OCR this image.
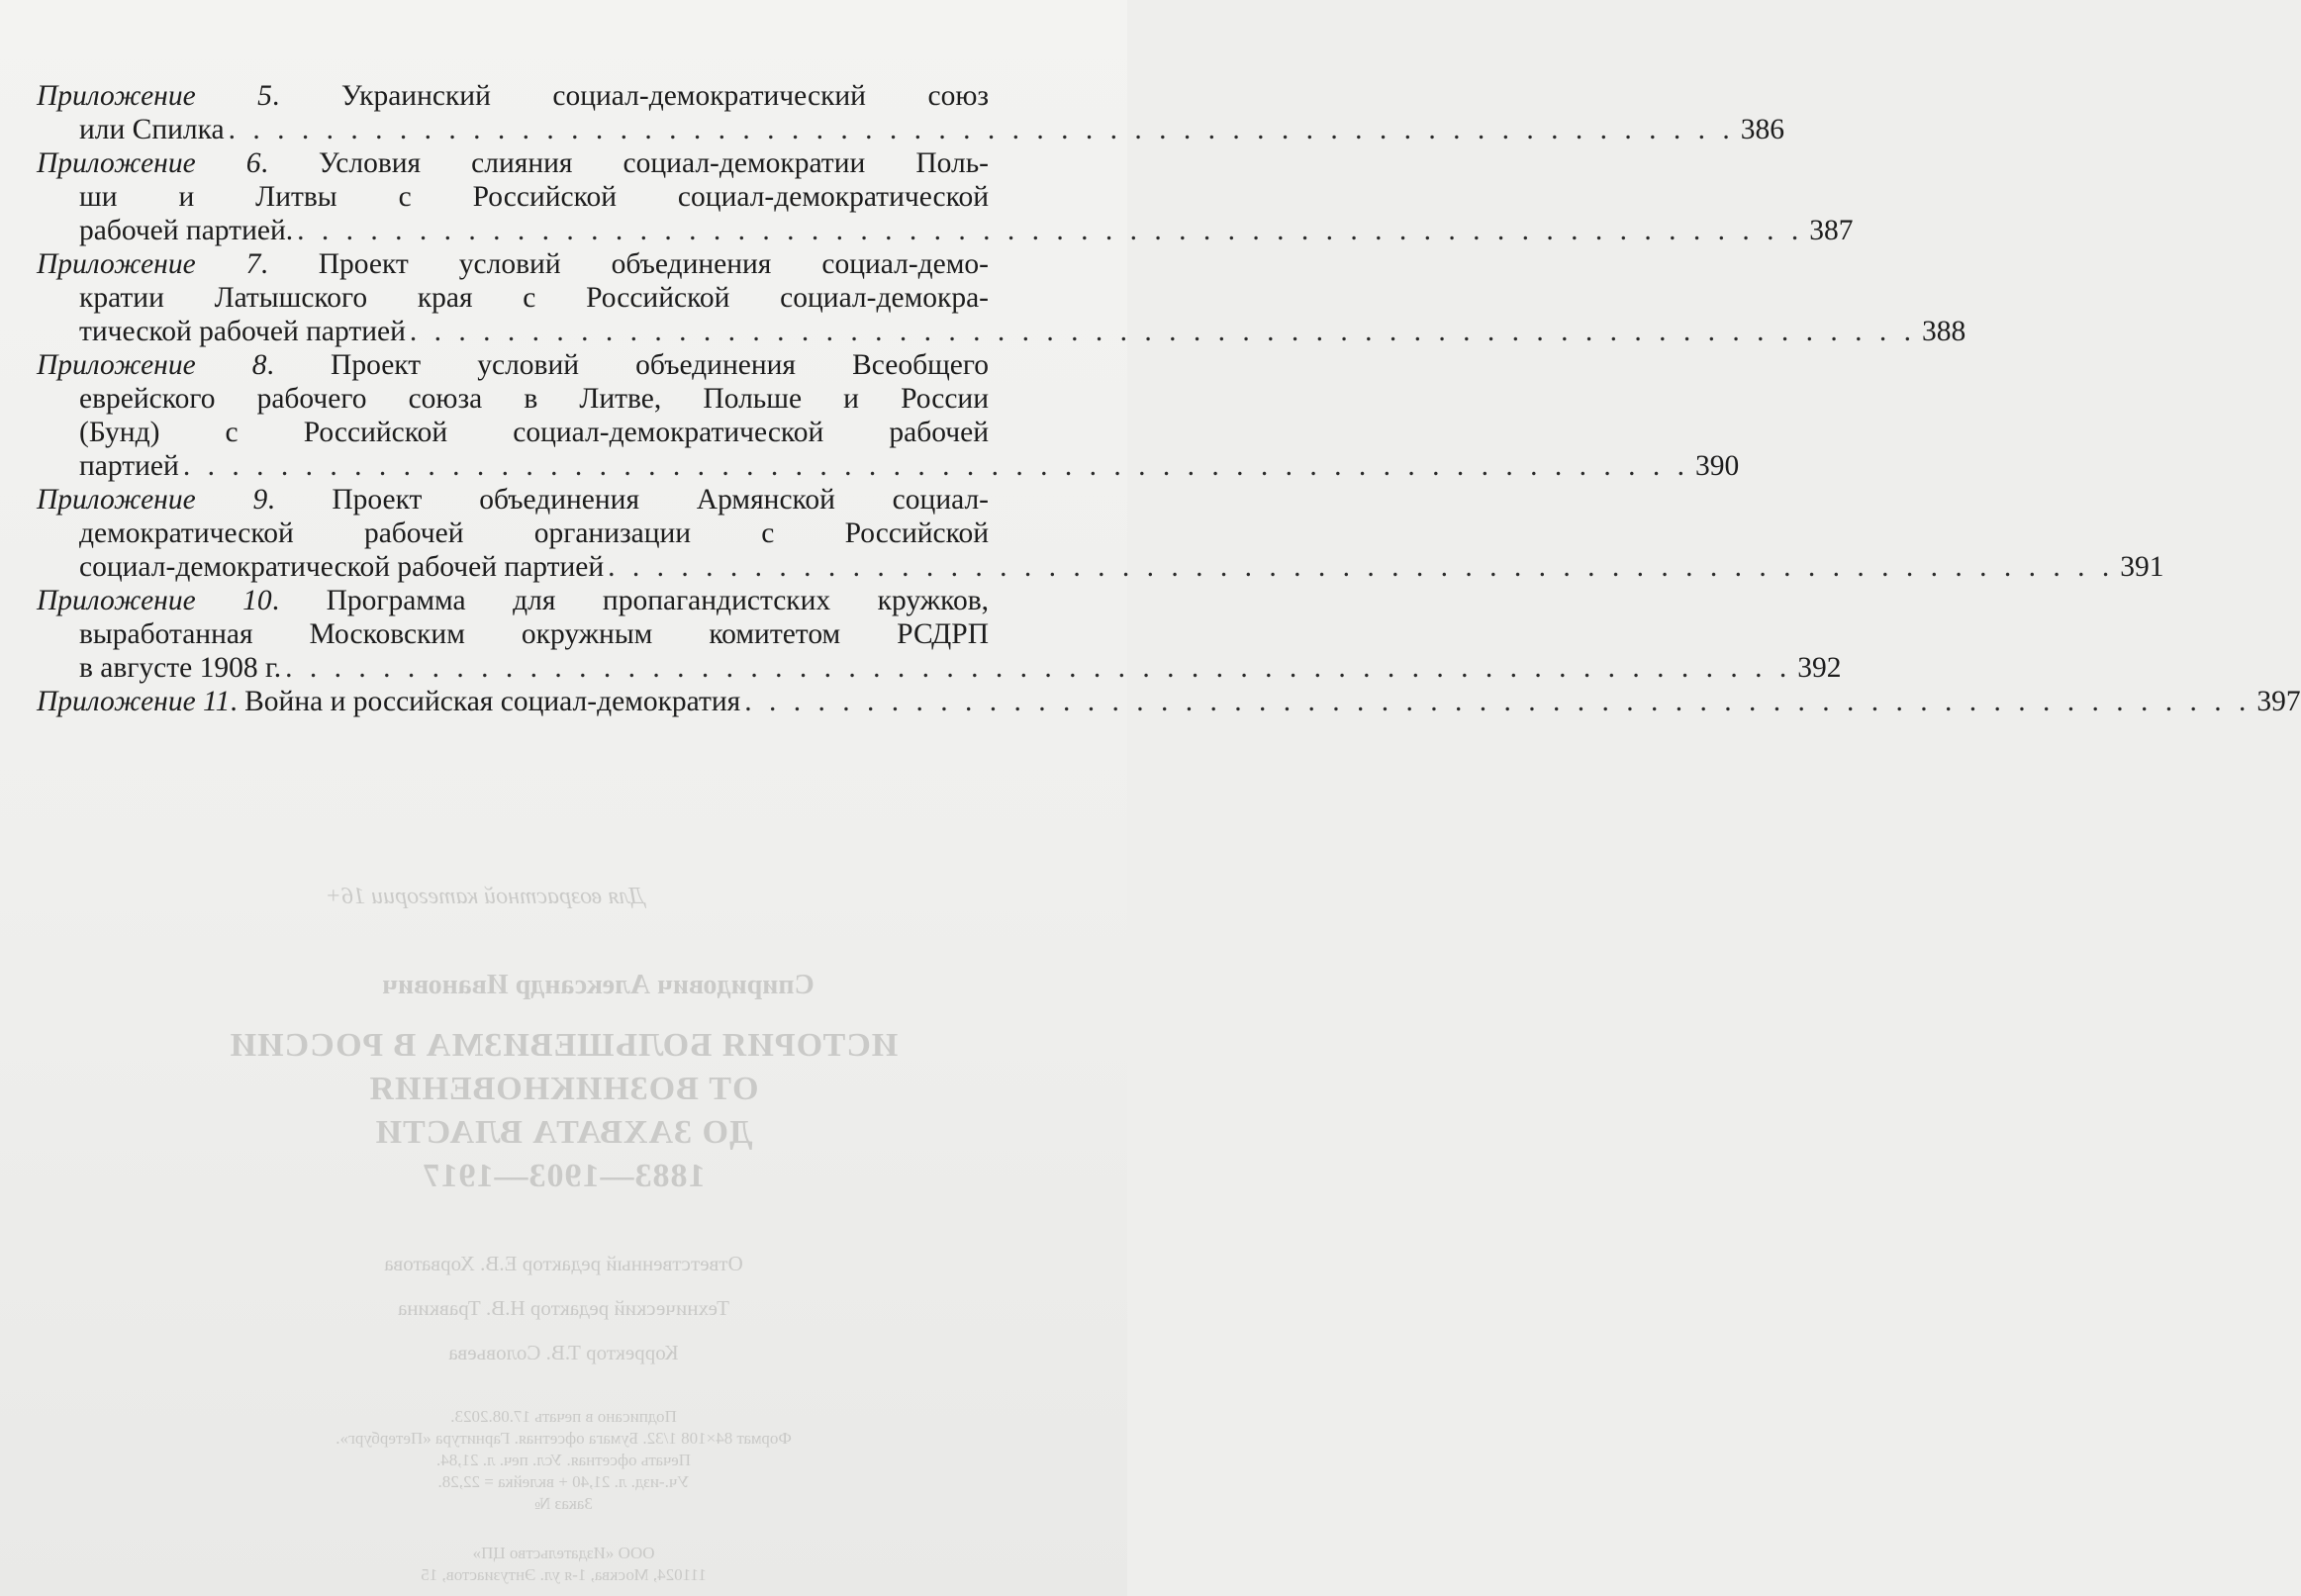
Приложение 5. Украинский социал-демократический союз
или Спилка . . . . . . . . . . . . . . . . . . . . . . . . . . . . . . . . . . . . . . . . . . . . . . . . . . . . . . . . . . . . . . 386
Приложение 6. Условия слияния социал-демократии Поль-
ши и Литвы с Российской социал-демократической
рабочей партией. . . . . . . . . . . . . . . . . . . . . . . . . . . . . . . . . . . . . . . . . . . . . . . . . . . . . . . . . . . . . . . 387
Приложение 7. Проект условий объединения социал-демо-
кратии Латышского края с Российской социал-демокра-
тической рабочей партией . . . . . . . . . . . . . . . . . . . . . . . . . . . . . . . . . . . . . . . . . . . . . . . . . . . . . . . . . . . . . . 388
Приложение 8. Проект условий объединения Всеобщего
еврейского рабочего союза в Литве, Польше и России
(Бунд) с Российской социал-демократической рабочей
партией . . . . . . . . . . . . . . . . . . . . . . . . . . . . . . . . . . . . . . . . . . . . . . . . . . . . . . . . . . . . . . 390
Приложение 9. Проект объединения Армянской социал-
демократической рабочей организации с Российской
социал-демократической рабочей партией . . . . . . . . . . . . . . . . . . . . . . . . . . . . . . . . . . . . . . . . . . . . . . . . . . . . . . . . . . . . . . 391
Приложение 10. Программа для пропагандистских кружков,
выработанная Московским окружным комитетом РСДРП
в августе 1908 г. . . . . . . . . . . . . . . . . . . . . . . . . . . . . . . . . . . . . . . . . . . . . . . . . . . . . . . . . . . . . . . 392
Приложение 11. Война и российская социал-демократия . . . . . . . . . . . . . . . . . . . . . . . . . . . . . . . . . . . . . . . . . . . . . . . . . . . . . . . . . . . . . . 397
Для возрастной категории 16+
Спиридович Александр Иванович
ИСТОРИЯ БОЛЬШЕВИЗМА В РОССИИ
ОТ ВОЗНИКНОВЕНИЯ
ДО ЗАХВАТА ВЛАСТИ
1883—1903—1917
Ответственный редактор Е.В. Хорватова
Технический редактор Н.В. Травкина
Корректор Т.В. Соловьева
Подписано в печать 17.08.2023.
Формат 84×108 1/32. Бумага офсетная. Гарнитура «Петербург».
Печать офсетная. Усл. печ. л. 21,84.
Уч.-изд. л. 21,40 + вклейка = 22,28.
Заказ №
ООО «Издательство ЦП»
111024, Москва, 1-я ул. Энтузиастов, 15
